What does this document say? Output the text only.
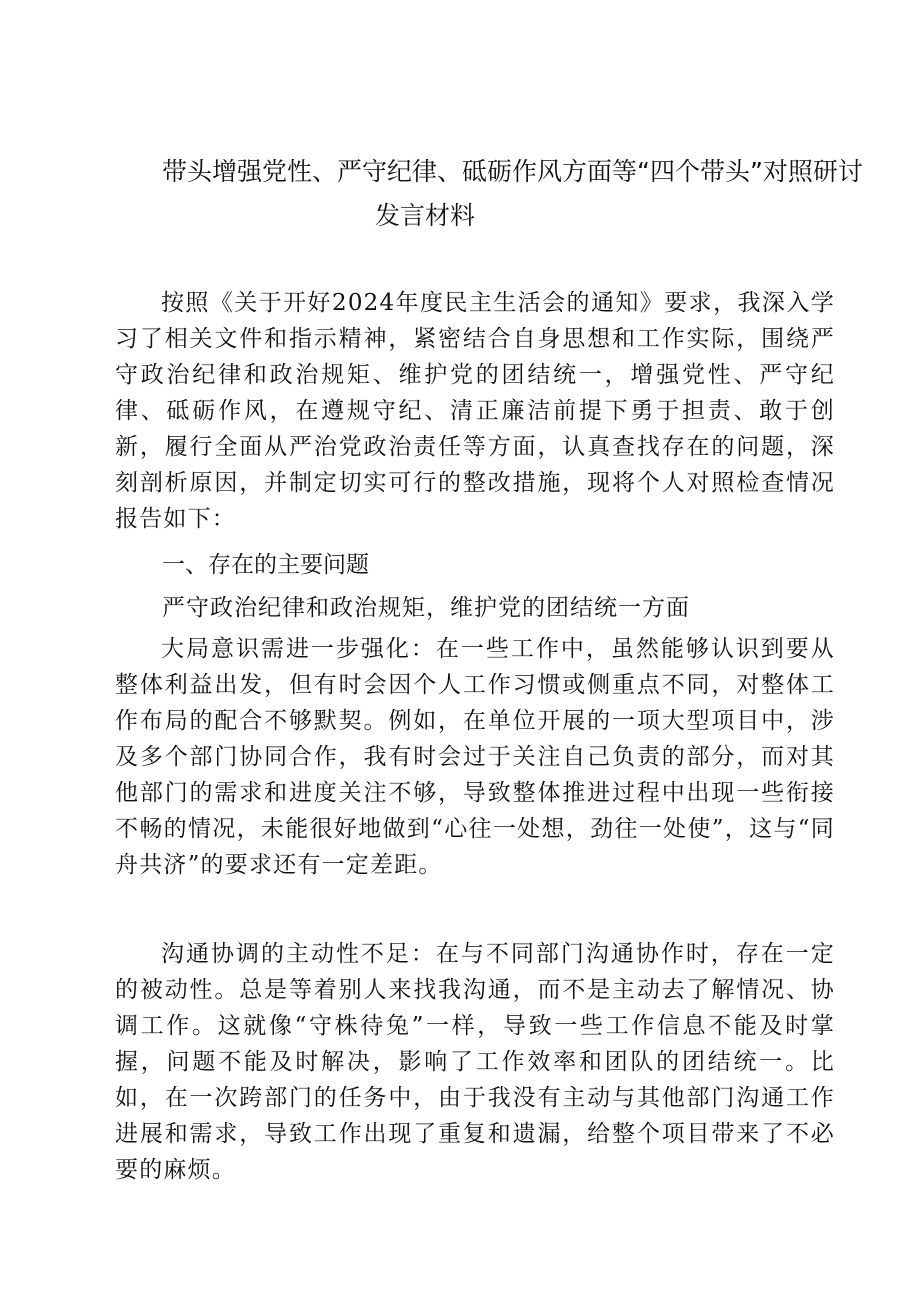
带头增强党性、严守纪律、砥砺作风方面等“四个带头”对照研讨
发言材料
按照《关于开好2024年度民主生活会的通知》要求，我深入学习了相关文件和指示精神，紧密结合自身思想和工作实际，围绕严守政治纪律和政治规矩、维护党的团结统一，增强党性、严守纪律、砥砺作风，在遵规守纪、清正廉洁前提下勇于担责、敢于创新，履行全面从严治党政治责任等方面，认真查找存在的问题，深刻剖析原因，并制定切实可行的整改措施，现将个人对照检查情况报告如下：
一、存在的主要问题
严守政治纪律和政治规矩，维护党的团结统一方面
大局意识需进一步强化：在一些工作中，虽然能够认识到要从整体利益出发，但有时会因个人工作习惯或侧重点不同，对整体工作布局的配合不够默契。例如，在单位开展的一项大型项目中，涉及多个部门协同合作，我有时会过于关注自己负责的部分，而对其他部门的需求和进度关注不够，导致整体推进过程中出现一些衔接不畅的情况，未能很好地做到“心往一处想，劲往一处使”，这与“同舟共济”的要求还有一定差距。
沟通协调的主动性不足：在与不同部门沟通协作时，存在一定的被动性。总是等着别人来找我沟通，而不是主动去了解情况、协调工作。这就像“守株待兔”一样，导致一些工作信息不能及时掌握，问题不能及时解决，影响了工作效率和团队的团结统一。比如，在一次跨部门的任务中，由于我没有主动与其他部门沟通工作进展和需求，导致工作出现了重复和遗漏，给整个项目带来了不必要的麻烦。
